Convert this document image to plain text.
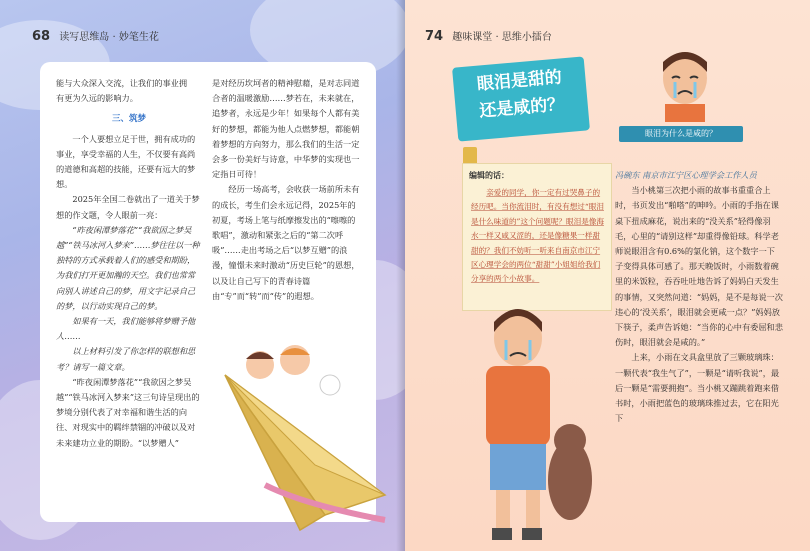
68 读写思维岛 · 妙笔生花

能与大众深入交流，让我们的事业拥

有更为久远的影响力。

三、筑梦

一个人要想立足于世，拥有成功的事业，享受幸福的人生，不仅要有高尚的道德和高超的技能，还要有远大的梦想。

2025年全国二卷就出了一道关于梦想的作文题，令人眼前一亮：

“昨夜闲潭梦落花”“我欲因之梦吴越”“铁马冰河入梦来”……梦往往以一种独特的方式承载着人们的感受和期盼，为我们打开更加瀚的天空。我们也常常向别人讲述自己的梦，用文字记录自己的梦，以行动实现自己的梦。

如果有一天，我们能够将梦赠予他人……

以上材料引发了你怎样的联想和思考？请写一篇文章。

“昨夜闲潭梦落花”“我欲因之梦吴越”“铁马冰河入梦来”这三句诗呈现出的梦境分别代表了对幸福和谐生活的向往、对现实中的羁绊禁锢的冲破以及对未来建功立业的期盼。“以梦赠人”

是对经历坎坷者的精神慰藉，是对志同道合者的温暖激励……梦若在，未来就在，追梦者，永远是少年！如果每个人都有美好的梦想，都能为他人点燃梦想，都能朝着梦想的方向努力，那么我们的生活一定会多一份美好与诗意，中华梦的实现也一定指日可待！

经历一场高考，会收获一场前所未有的成长，考生们会永远记得，2025年的初夏，考场上笔与纸摩擦发出的“嚓嚓的歌唱”，激动和紧张之后的“第二次呼吸”……走出考场之后“以梦互赠”的浪漫，憧憬未来时激动“历史巨轮”的恩想，以及让自己写下的青春诗篇由“专”而“转”而“传”的遐想。

74 趣味课堂 · 思维小擂台
眼泪是甜的
还是咸的？
眼泪为什么是咸的？
编辑的话：

亲爱的同学，你一定有过哭鼻子的经历吧。当你流泪时，有没有想过“眼泪是什么味道的”这个问题呢？眼泪是像海水一样又咸又涩的，还是像糖果一样甜甜的？我们不妨听一听来自南京市江宁区心理学会的两位“甜甜”小姐姐给我们分享的两个小故事。

冯碗东 南京市江宁区心理学会工作人员

当小桃第三次把小雨的故事书重重合上时，书页发出“啪嗒”的呻吟。小雨的手指在课桌下扭成麻花，说出来的“没关系”轻得像羽毛，心里的“请别这样”却重得像铅球。科学老师说眼泪含有0.6%的氯化钠，这个数字一下子变得具体可感了。那天晚饭时，小雨数着碗里的米饭粒，吞吞吐吐地告诉了妈妈白天发生的事情，又突然问道：“妈妈，是不是每说一次违心的‘没关系’，眼泪就会更咸一点？”妈妈放下筷子，柔声告诉她：“当你的心中有委屈和悲伤时，眼泪就会是咸的。”

上来，小雨在文具盒里放了三颗玻璃珠：一颗代表“我生气了”，一颗是“请听我说”，最后一颗是“需要拥抱”。当小桃又蹦跳着跑来借书时，小雨把蓝色的玻璃珠推过去，它在阳光下
